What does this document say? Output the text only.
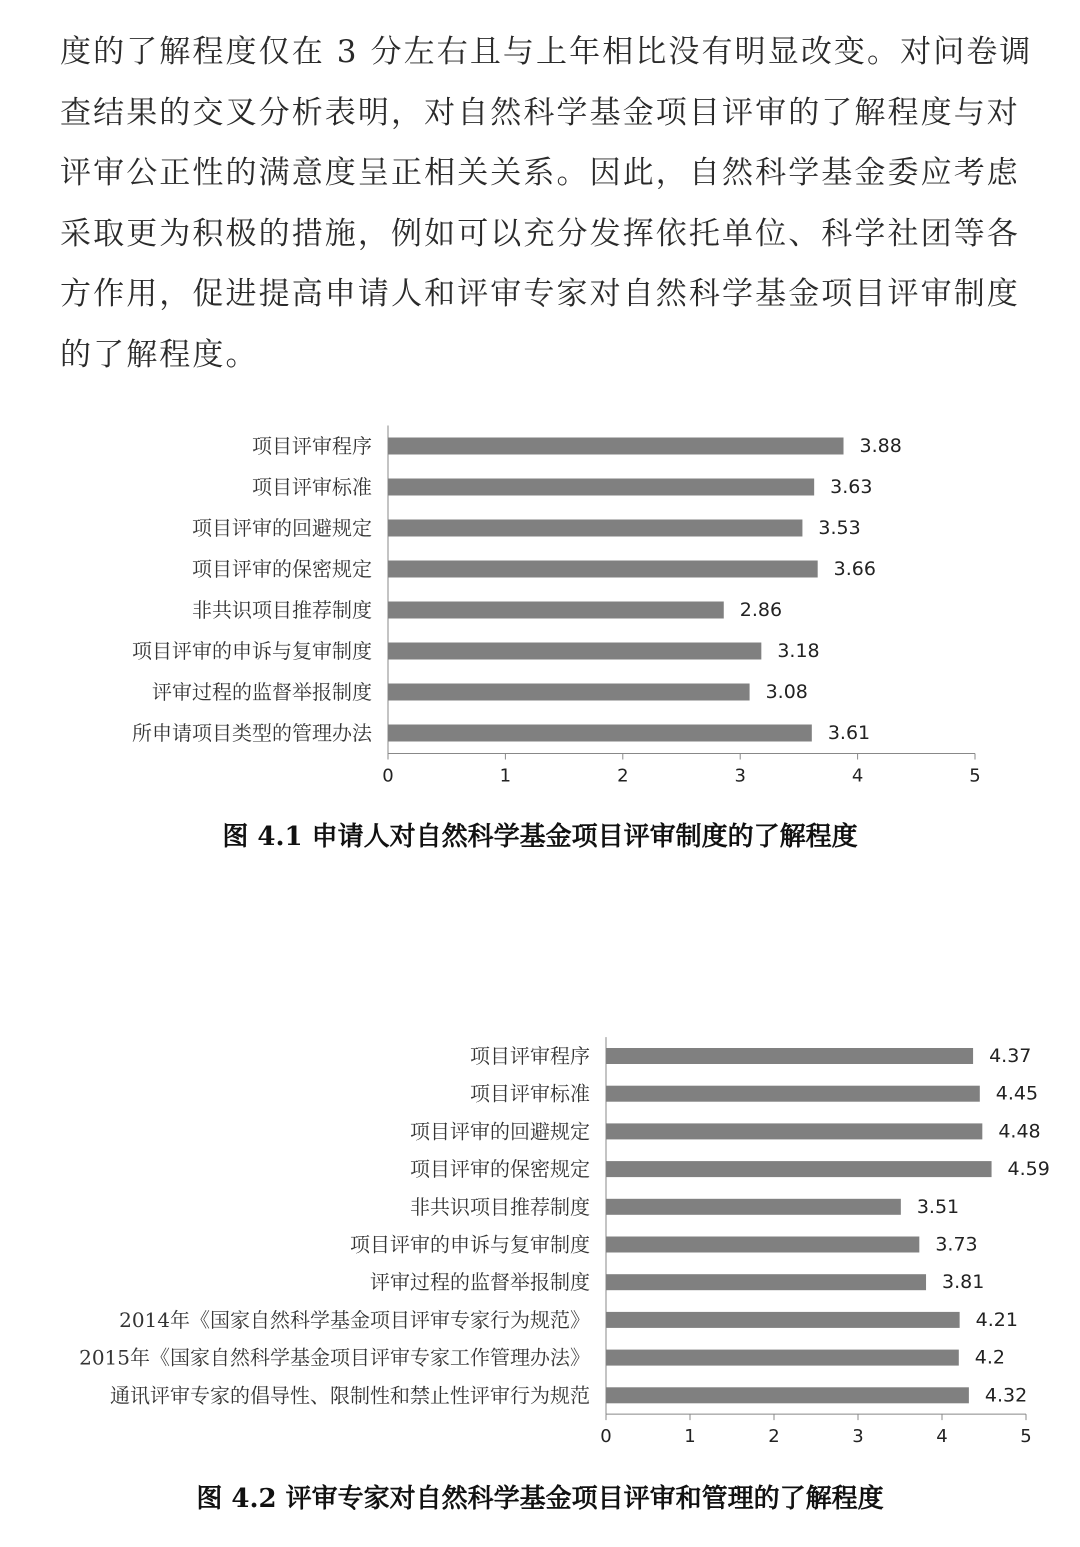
度的了解程度仅在 3 分左右且与上年相比没有明显改变。对问卷调查结果的交叉分析表明，对自然科学基金项目评审的了解程度与对评审公正性的满意度呈正相关关系。因此，自然科学基金委应考虑采取更为积极的措施，例如可以充分发挥依托单位、科学社团等各方作用，促进提高申请人和评审专家对自然科学基金项目评审制度的了解程度。

项目评审程序	3.88
项目评审标准	3.63
项目评审的回避规定	3.53
项目评审的保密规定	3.66
非共识项目推荐制度	2.86
项目评审的申诉与复审制度	3.18
评审过程的监督举报制度	3.08
所申请项目类型的管理办法	3.61
0	1	2	3	4	5
图 4.1 申请人对自然科学基金项目评审制度的了解程度
项目评审程序	4.37
项目评审标准	4.45
项目评审的回避规定	4.48
项目评审的保密规定	4.59
非共识项目推荐制度	3.51
项目评审的申诉与复审制度	3.73
评审过程的监督举报制度	3.81
2014年《国家自然科学基金项目评审专家行为规范》	4.21
2015年《国家自然科学基金项目评审专家工作管理办法》	4.2
通讯评审专家的倡导性、限制性和禁止性评审行为规范	4.32
0	1	2	3	4	5
图 4.2 评审专家对自然科学基金项目评审和管理的了解程度
